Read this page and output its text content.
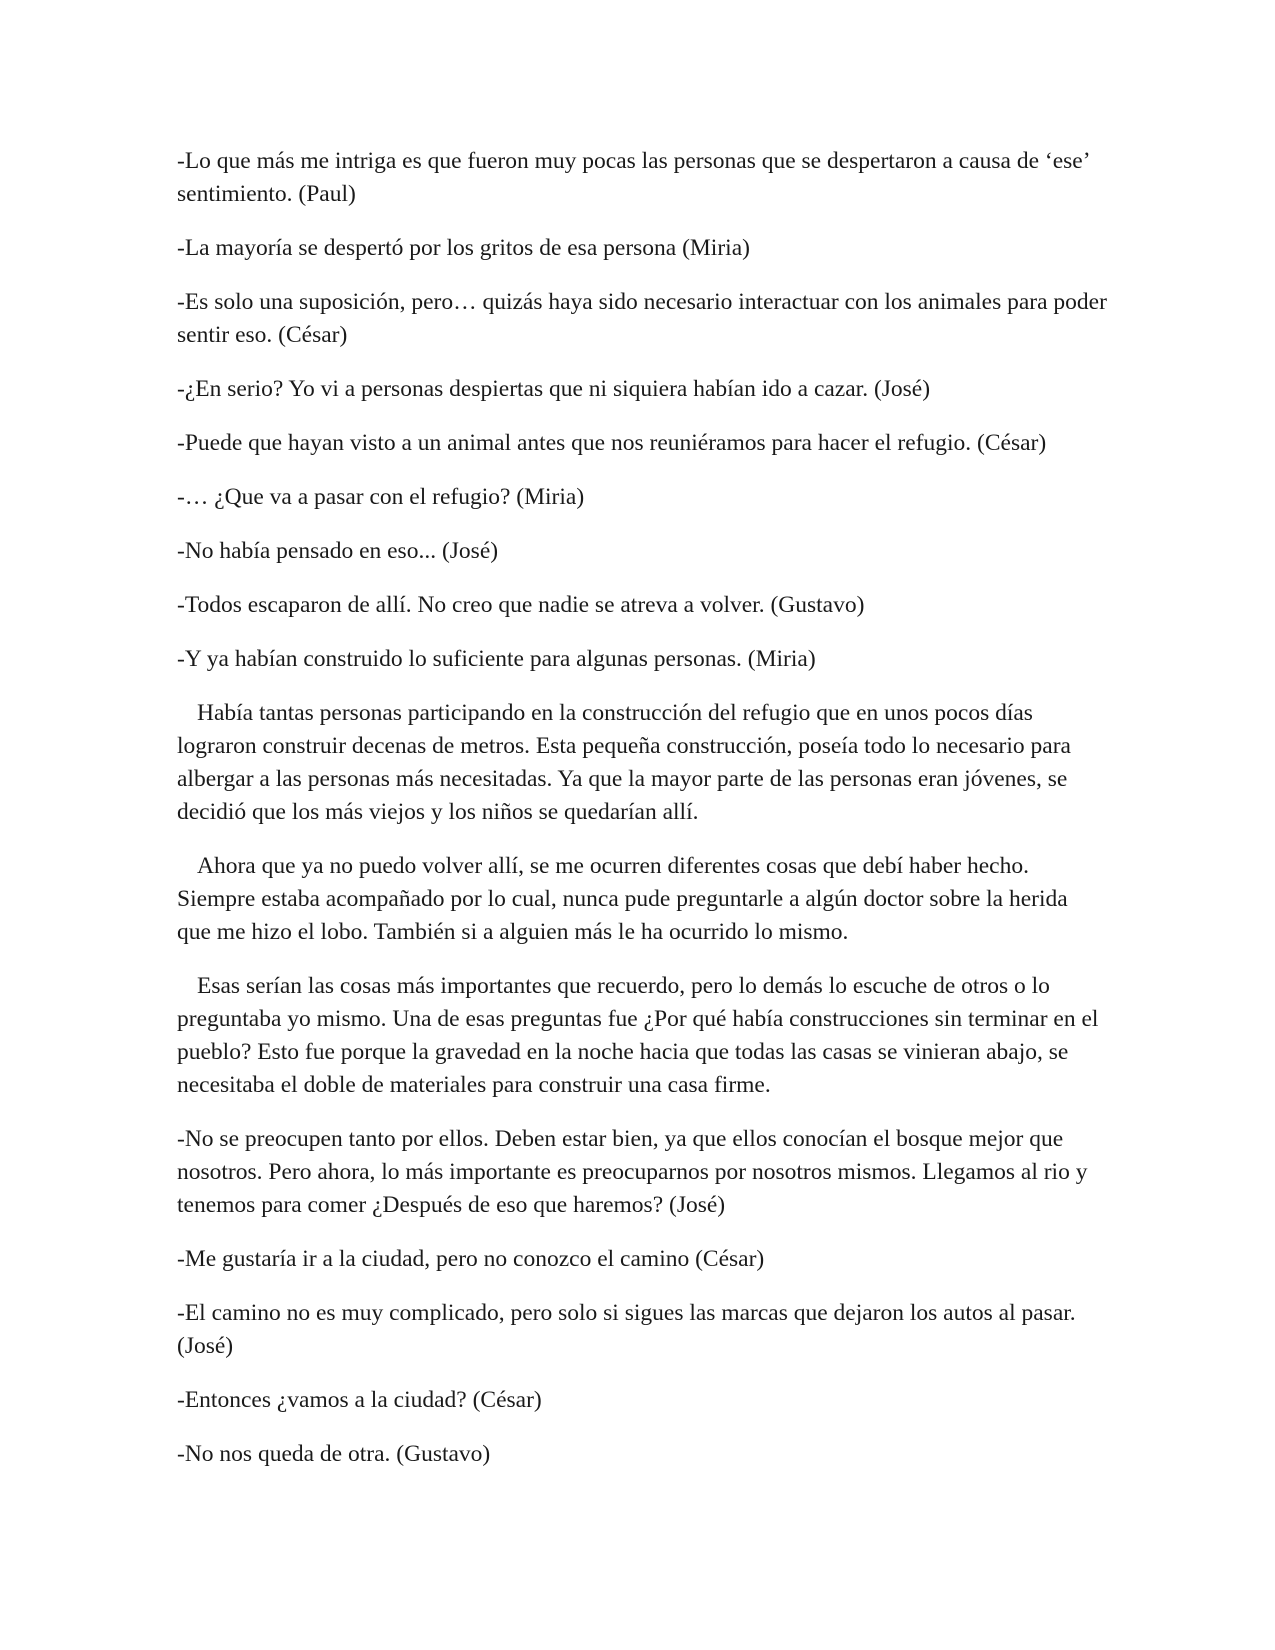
-Lo que más me intriga es que fueron muy pocas las personas que se despertaron a causa de ‘ese’ sentimiento. (Paul)

-La mayoría se despertó por los gritos de esa persona (Miria)

-Es solo una suposición, pero… quizás haya sido necesario interactuar con los animales para poder sentir eso. (César)

-¿En serio? Yo vi a personas despiertas que ni siquiera habían ido a cazar. (José)

-Puede que hayan visto a un animal antes que nos reuniéramos para hacer el refugio. (César)

-… ¿Que va a pasar con el refugio? (Miria)

-No había pensado en eso... (José)

-Todos escaparon de allí. No creo que nadie se atreva a volver. (Gustavo)

-Y ya habían construido lo suficiente para algunas personas. (Miria)

Había tantas personas participando en la construcción del refugio que en unos pocos días lograron construir decenas de metros. Esta pequeña construcción, poseía todo lo necesario para albergar a las personas más necesitadas. Ya que la mayor parte de las personas eran jóvenes, se decidió que los más viejos y los niños se quedarían allí.

Ahora que ya no puedo volver allí, se me ocurren diferentes cosas que debí haber hecho. Siempre estaba acompañado por lo cual, nunca pude preguntarle a algún doctor sobre la herida que me hizo el lobo. También si a alguien más le ha ocurrido lo mismo.

Esas serían las cosas más importantes que recuerdo, pero lo demás lo escuche de otros o lo preguntaba yo mismo. Una de esas preguntas fue ¿Por qué había construcciones sin terminar en el pueblo? Esto fue porque la gravedad en la noche hacia que todas las casas se vinieran abajo, se necesitaba el doble de materiales para construir una casa firme.

-No se preocupen tanto por ellos. Deben estar bien, ya que ellos conocían el bosque mejor que nosotros. Pero ahora, lo más importante es preocuparnos por nosotros mismos. Llegamos al rio y tenemos para comer ¿Después de eso que haremos? (José)

-Me gustaría ir a la ciudad, pero no conozco el camino (César)

-El camino no es muy complicado, pero solo si sigues las marcas que dejaron los autos al pasar. (José)

-Entonces ¿vamos a la ciudad? (César)

-No nos queda de otra. (Gustavo)
